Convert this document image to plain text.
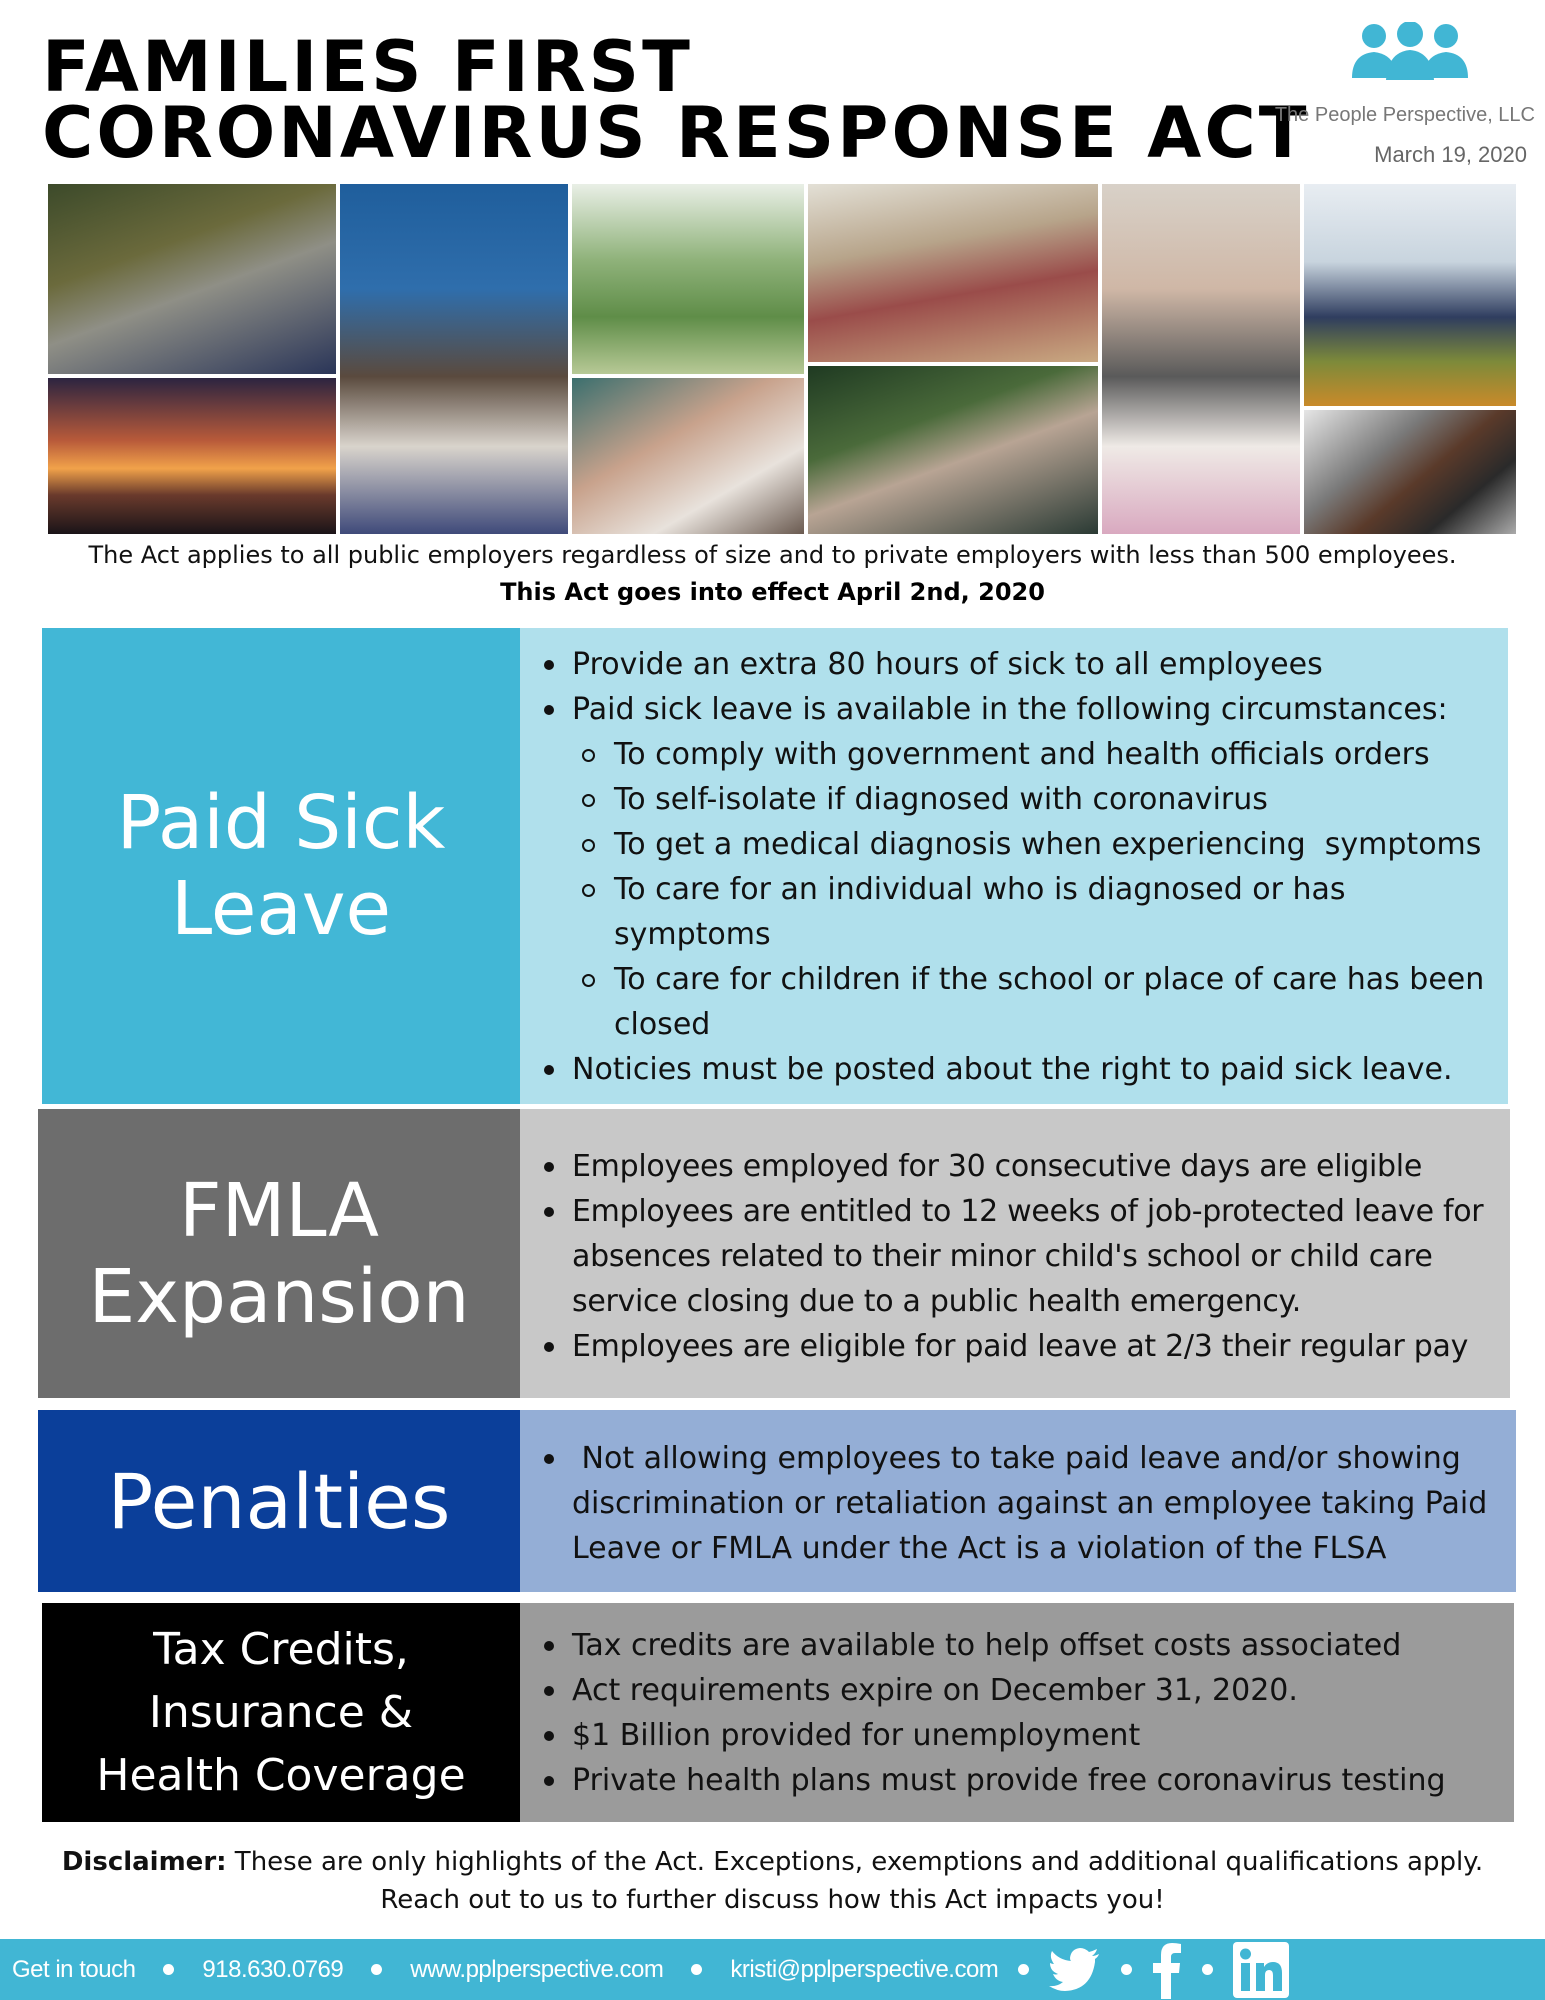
FAMILIES FIRST
CORONAVIRUS RESPONSE ACT
The People Perspective, LLC
March 19, 2020
The Act applies to all public employers regardless of size and to private employers with less than 500 employees.
This Act goes into effect April 2nd, 2020
Paid Sick
Leave
Provide an extra 80 hours of sick to all employees
Paid sick leave is available in the following circumstances:
To comply with government and health officials orders
To self-isolate if diagnosed with coronavirus
To get a medical diagnosis when experiencing  symptoms
To care for an individual who is diagnosed or has symptoms
To care for children if the school or place of care has been closed
Noticies must be posted about the right to paid sick leave.
FMLA
Expansion
Employees employed for 30 consecutive days are eligible
Employees are entitled to 12 weeks of job-protected leave for absences related to their minor child's school or child care service closing due to a public health emergency.
Employees are eligible for paid leave at 2/3 their regular pay
Penalties	Not allowing employees to take paid leave and/or showing discrimination or retaliation against an employee taking Paid Leave or FMLA under the Act is a violation of the FLSA
Tax Credits,
Insurance &
Health Coverage
Tax credits are available to help offset costs associated
Act requirements expire on December 31, 2020.
$1 Billion provided for unemployment
Private health plans must provide free coronavirus testing
Disclaimer: These are only highlights of the Act. Exceptions, exemptions and additional qualifications apply.
Reach out to us to further discuss how this Act impacts you!
Get in touch	918.630.0769	www.pplperspective.com	kristi@pplperspective.com
